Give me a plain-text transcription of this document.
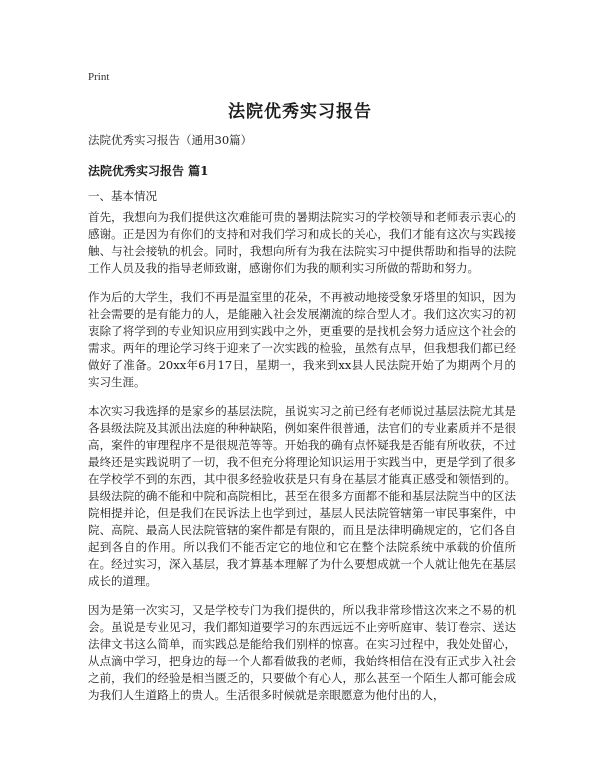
Print
法院优秀实习报告
法院优秀实习报告（通用30篇）
法院优秀实习报告 篇1
一、基本情况

首先，我想向为我们提供这次难能可贵的暑期法院实习的学校领导和老师表示衷心的感谢。正是因为有你们的支持和对我们学习和成长的关心，我们才能有这次与实践接触、与社会接轨的机会。同时，我想向所有为我在法院实习中提供帮助和指导的法院工作人员及我的指导老师致谢，感谢你们为我的顺利实习所做的帮助和努力。

作为后的大学生，我们不再是温室里的花朵，不再被动地接受象牙塔里的知识，因为社会需要的是有能力的人，是能融入社会发展潮流的综合型人才。我们这次实习的初衷除了将学到的专业知识应用到实践中之外，更重要的是找机会努力适应这个社会的需求。两年的理论学习终于迎来了一次实践的检验，虽然有点早，但我想我们都已经做好了准备。20xx年6月17日，星期一，我来到xx县人民法院开始了为期两个月的实习生涯。

本次实习我选择的是家乡的基层法院，虽说实习之前已经有老师说过基层法院尤其是各县级法院及其派出法庭的种种缺陷，例如案件很普通，法官们的专业素质并不是很高，案件的审理程序不是很规范等等。开始我的确有点怀疑我是否能有所收获，不过最终还是实践说明了一切，我不但充分将理论知识运用于实践当中，更是学到了很多在学校学不到的东西，其中很多经验收获是只有身在基层才能真正感受和领悟到的。县级法院的确不能和中院和高院相比，甚至在很多方面都不能和基层法院当中的区法院相提并论，但是我们在民诉法上也学到过，基层人民法院管辖第一审民事案件，中院、高院、最高人民法院管辖的案件都是有限的，而且是法律明确规定的，它们各自起到各自的作用。所以我们不能否定它的地位和它在整个法院系统中承载的价值所在。经过实习，深入基层，我才算基本理解了为什么要想成就一个人就让他先在基层成长的道理。

因为是第一次实习，又是学校专门为我们提供的，所以我非常珍惜这次来之不易的机会。虽说是专业见习，我们都知道要学习的东西远远不止旁听庭审、装订卷宗、送达法律文书这么简单，而实践总是能给我们别样的惊喜。在实习过程中，我处处留心，从点滴中学习，把身边的每一个人都看做我的老师，我始终相信在没有正式步入社会之前，我们的经验是相当匮乏的，只要做个有心人，那么甚至一个陌生人都可能会成为我们人生道路上的贵人。生活很多时候就是亲眼愿意为他付出的人，
